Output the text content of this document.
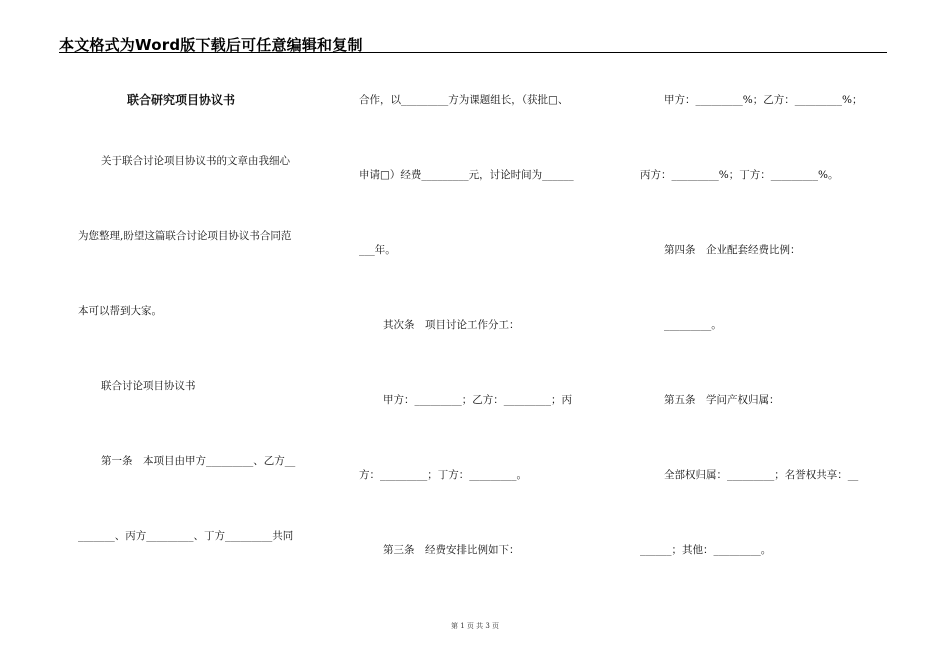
本文格式为Word版下载后可任意编辑和复制
联合研究项目协议书
关于联合讨论项目协议书的文章由我细心
为您整理,盼望这篇联合讨论项目协议书合同范
本可以帮到大家。
联合讨论项目协议书
第一条　本项目由甲方_________、乙方__
_______、丙方_________、丁方_________共同
合作，以_________方为课题组长，（获批□、
申请□）经费_________元，讨论时间为______
___年。
其次条　项目讨论工作分工：
甲方：_________；乙方：_________；丙
方：_________；丁方：_________。
第三条　经费安排比例如下：
甲方：_________%；乙方：_________%；
丙方：_________%；丁方：_________%。
第四条　企业配套经费比例：
_________。
第五条　学问产权归属：
全部权归属：_________；名誉权共享：__
______；其他：_________。
第 1 页 共 3 页
